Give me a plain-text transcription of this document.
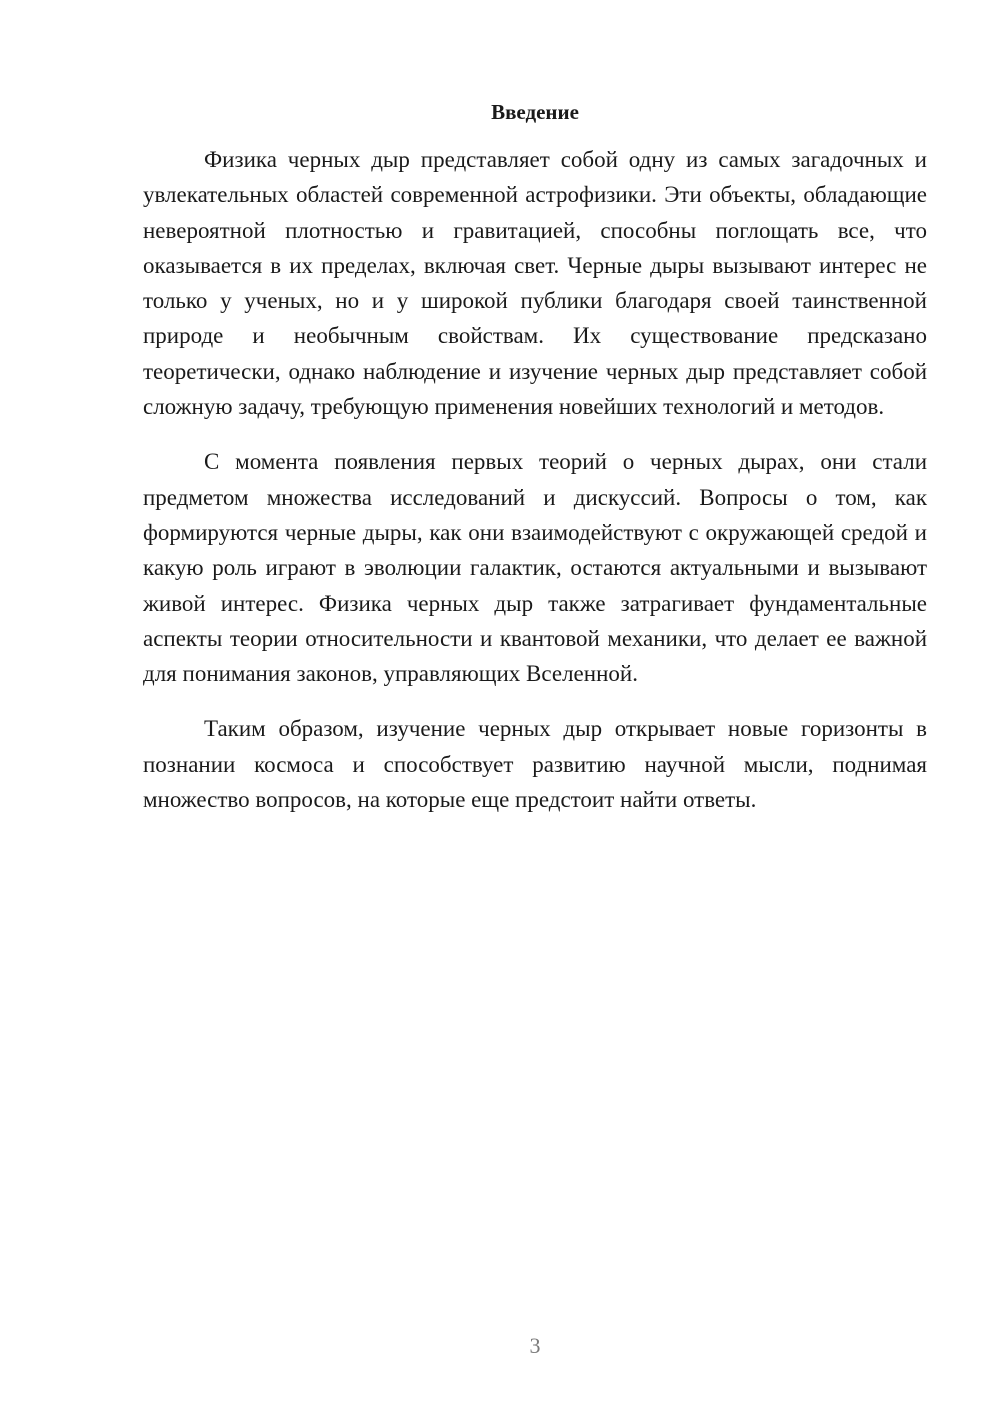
Введение

Физика черных дыр представляет собой одну из самых загадочных и увлекательных областей современной астрофизики. Эти объекты, обладающие невероятной плотностью и гравитацией, способны поглощать все, что оказывается в их пределах, включая свет. Черные дыры вызывают интерес не только у ученых, но и у широкой публики благодаря своей таинственной природе и необычным свойствам. Их существование предсказано теоретически, однако наблюдение и изучение черных дыр представляет собой сложную задачу, требующую применения новейших технологий и методов.

С момента появления первых теорий о черных дырах, они стали предметом множества исследований и дискуссий. Вопросы о том, как формируются черные дыры, как они взаимодействуют с окружающей средой и какую роль играют в эволюции галактик, остаются актуальными и вызывают живой интерес. Физика черных дыр также затрагивает фундаментальные аспекты теории относительности и квантовой механики, что делает ее важной для понимания законов, управляющих Вселенной.

Таким образом, изучение черных дыр открывает новые горизонты в познании космоса и способствует развитию научной мысли, поднимая множество вопросов, на которые еще предстоит найти ответы.

3
